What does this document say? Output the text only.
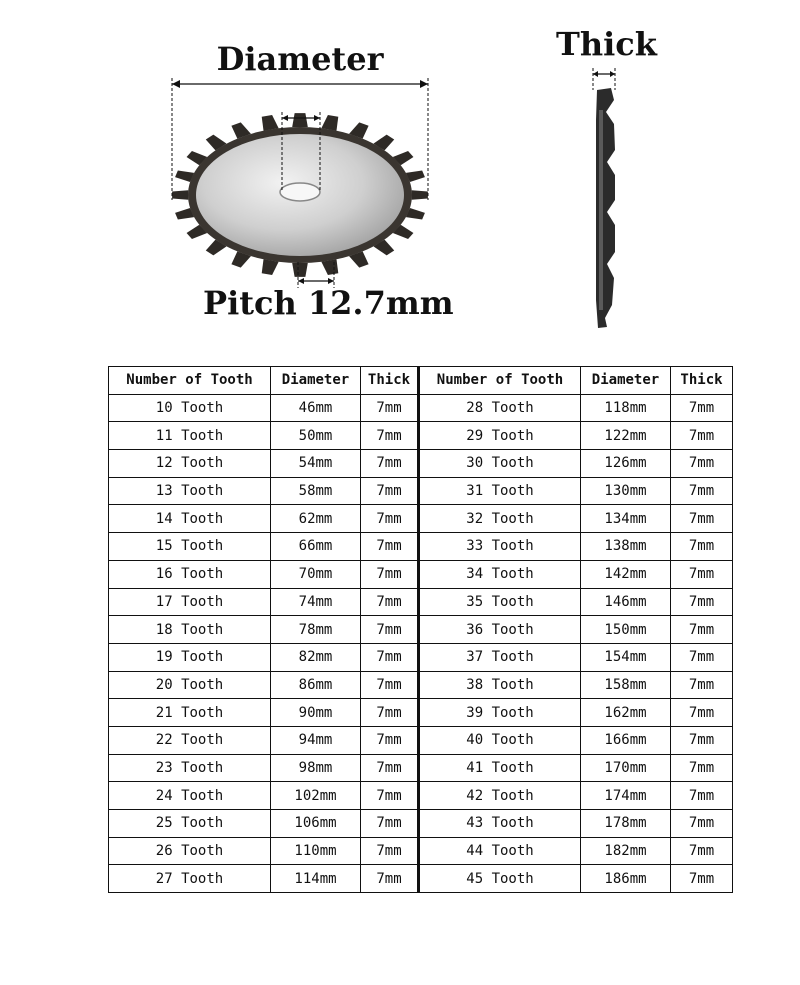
Diameter	Thick
Pitch 12.7mm
Number of Tooth	Diameter	Thick	Number of Tooth	Diameter	Thick
10 Tooth	46mm	7mm	28 Tooth	118mm	7mm
11 Tooth	50mm	7mm	29 Tooth	122mm	7mm
12 Tooth	54mm	7mm	30 Tooth	126mm	7mm
13 Tooth	58mm	7mm	31 Tooth	130mm	7mm
14 Tooth	62mm	7mm	32 Tooth	134mm	7mm
15 Tooth	66mm	7mm	33 Tooth	138mm	7mm
16 Tooth	70mm	7mm	34 Tooth	142mm	7mm
17 Tooth	74mm	7mm	35 Tooth	146mm	7mm
18 Tooth	78mm	7mm	36 Tooth	150mm	7mm
19 Tooth	82mm	7mm	37 Tooth	154mm	7mm
20 Tooth	86mm	7mm	38 Tooth	158mm	7mm
21 Tooth	90mm	7mm	39 Tooth	162mm	7mm
22 Tooth	94mm	7mm	40 Tooth	166mm	7mm
23 Tooth	98mm	7mm	41 Tooth	170mm	7mm
24 Tooth	102mm	7mm	42 Tooth	174mm	7mm
25 Tooth	106mm	7mm	43 Tooth	178mm	7mm
26 Tooth	110mm	7mm	44 Tooth	182mm	7mm
27 Tooth	114mm	7mm	45 Tooth	186mm	7mm
